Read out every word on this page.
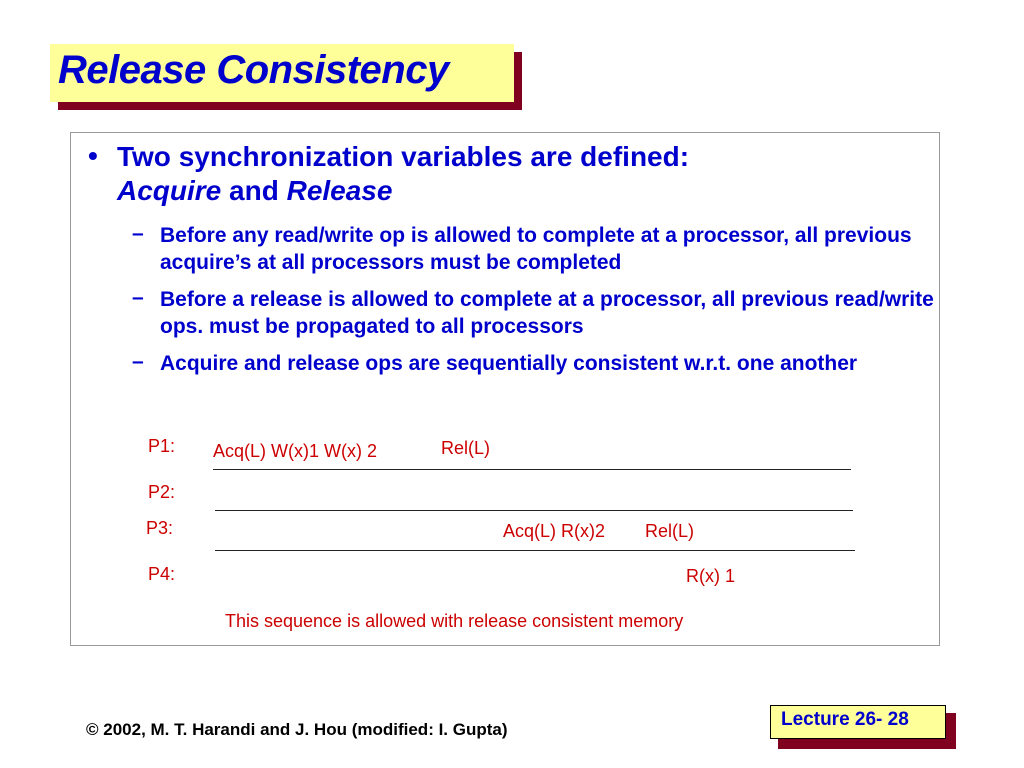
Release Consistency
• Two synchronization variables are defined:
Acquire and Release
– Before any read/write op is allowed to complete at a processor, all previous acquire’s at all processors must be completed
– Before a release is allowed to complete at a processor, all previous read/write ops. must be propagated to all processors
– Acquire and release ops are sequentially consistent w.r.t. one another
P1: Acq(L) W(x)1 W(x) 2	Rel(L)
P2:
P3:	Acq(L) R(x)2 Rel(L)
P4:	R(x) 1
This sequence is allowed with release consistent memory
© 2002, M. T. Harandi and J. Hou (modified: I. Gupta)	Lecture 26- 28
